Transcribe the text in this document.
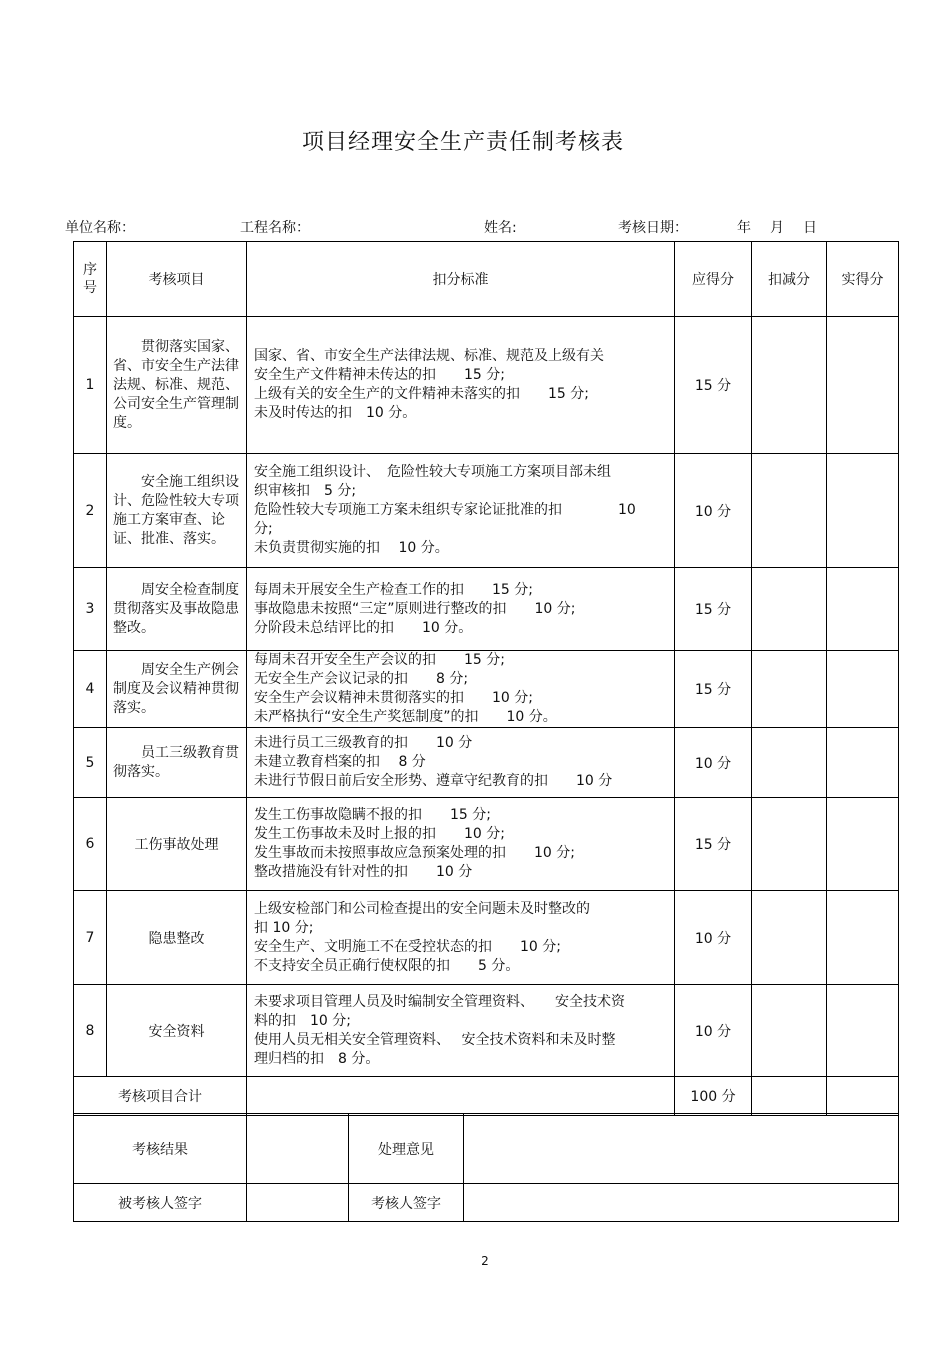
项目经理安全生产责任制考核表
单位名称：	工程名称：	姓名:	考核日期：	年 月 日
序号	考核项目	扣分标准	应得分	扣减分	实得分
1	贯彻落实国家、省、市安全生产法律法规、标准、规范、公司安全生产管理制度。	国家、省、市安全生产法律法规、标准、规范及上级有关
安全生产文件精神未传达的扣　　15 分;
上级有关的安全生产的文件精神未落实的扣　　15 分;
未及时传达的扣　10 分。	15 分		
2	安全施工组织设计、危险性较大专项施工方案审查、论证、批准、落实。	安全施工组织设计、　危险性较大专项施工方案项目部未组
织审核扣　5 分;
危险性较大专项施工方案未组织专家论证批准的扣　　　　10
分;
未负责贯彻实施的扣　 10 分。	10 分		
3	周安全检查制度贯彻落实及事故隐患整改。	每周未开展安全生产检查工作的扣　　15 分;
事故隐患未按照“三定”原则进行整改的扣　　10 分;
分阶段未总结评比的扣　　10 分。	15 分		
4	周安全生产例会制度及会议精神贯彻落实。	每周未召开安全生产会议的扣　　15 分;
无安全生产会议记录的扣　　8 分;
安全生产会议精神未贯彻落实的扣　　10 分;
未严格执行“安全生产奖惩制度”的扣　　10 分。	15 分		
5	员工三级教育贯彻落实。	未进行员工三级教育的扣　　10 分
未建立教育档案的扣　 8 分
未进行节假日前后安全形势、遵章守纪教育的扣　　10 分	10 分		
6	工伤事故处理	发生工伤事故隐瞒不报的扣　　15 分;
发生工伤事故未及时上报的扣　　10 分;
发生事故而未按照事故应急预案处理的扣　　10 分;
整改措施没有针对性的扣　　10 分	15 分		
7	隐患整改	上级安检部门和公司检查提出的安全问题未及时整改的
扣 10 分;
安全生产、文明施工不在受控状态的扣　　10 分;
不支持安全员正确行使权限的扣　　5 分。	10 分		
8	安全资料	未要求项目管理人员及时编制安全管理资料、　　安全技术资
料的扣　10 分;
使用人员无相关安全管理资料、　 安全技术资料和未及时整
理归档的扣　8 分。	10 分		
考核项目合计			100 分		
考核结果		处理意见	
被考核人签字		考核人签字	
2
